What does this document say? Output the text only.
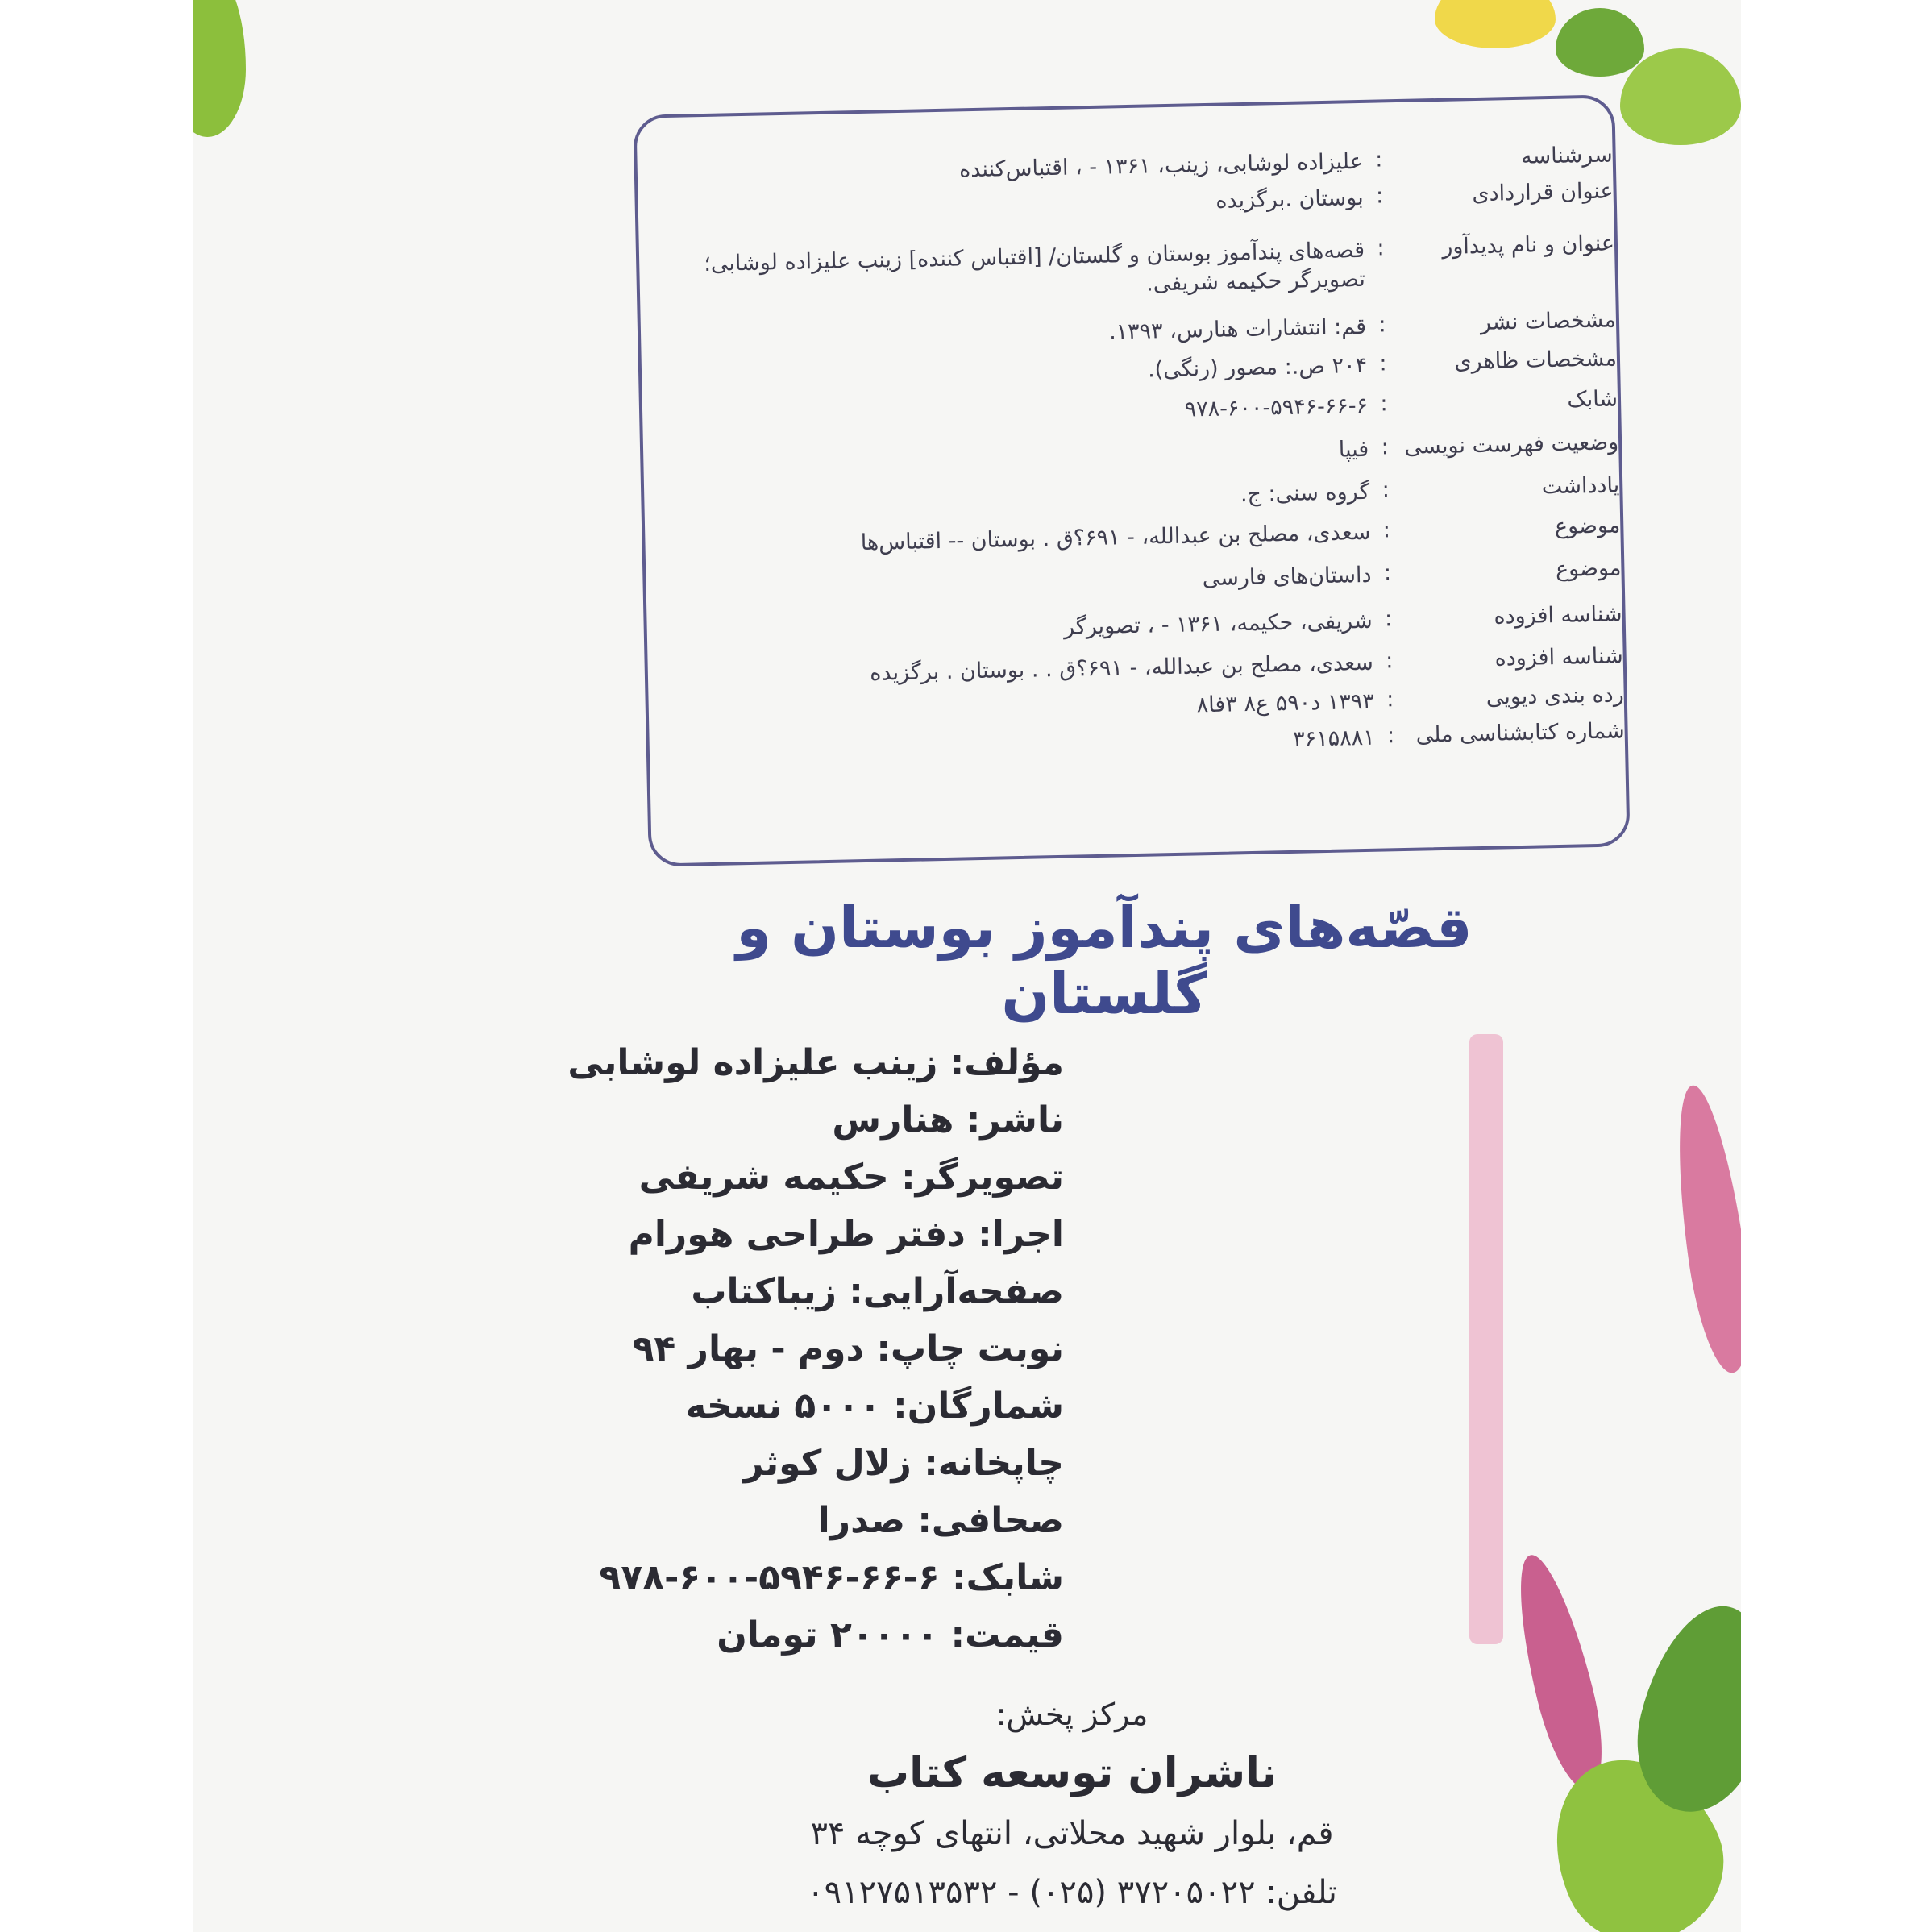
سرشناسه
:
علیزاده لوشابی، زینب، ۱۳۶۱ - ، اقتباس‌کننده
عنوان قراردادی
:
بوستان .برگزیده
عنوان و نام پدیدآور
:
قصه‌های پندآموز بوستان و گلستان/ [اقتباس کننده] زینب علیزاده لوشابی؛ تصویرگر حکیمه شریفی.
مشخصات نشر
:
قم: انتشارات هنارس، ۱۳۹۳.
مشخصات ظاهری
:
۲۰۴ ص.: مصور (رنگی).
شابک
:
۹۷۸-۶۰۰-۵۹۴۶-۶۶-۶
وضعیت فهرست نویسی
:
فیپا
یادداشت
:
گروه سنی: ج.
موضوع
:
سعدی، مصلح بن عبدالله، - ۶۹۱؟ق . بوستان -- اقتباس‌ها
موضوع
:
داستان‌های فارسی
شناسه افزوده
:
شریفی، حکیمه، ۱۳۶۱ - ، تصویرگر
شناسه افزوده
:
سعدی، مصلح بن عبدالله، - ۶۹۱؟ق . . بوستان . برگزیده
رده بندی دیویی
:
۱۳۹۳ د۵۹۰ ع۸ ۳فا۸
شماره کتابشناسی ملی
:
۳۶۱۵۸۸۱
قصّه‌های پندآموز بوستان و گلستان
مؤلف: زینب علیزاده لوشابی
ناشر: هنارس
تصویرگر: حکیمه شریفی
اجرا: دفتر طراحی هورام
صفحه‌آرایی: زیباکتاب
نوبت چاپ: دوم - بهار ۹۴
شمارگان: ۵۰۰۰ نسخه
چاپخانه: زلال کوثر
صحافی: صدرا
شابک: ۶-۶۶-۵۹۴۶-۶۰۰-۹۷۸
قیمت: ۲۰۰۰۰ تومان
مرکز پخش:
ناشران توسعه کتاب
قم، بلوار شهید محلاتی، انتهای کوچه ۳۴
تلفن: ۳۷۲۰۵۰۲۲ (۰۲۵) - ۰۹۱۲۷۵۱۳۵۳۲
